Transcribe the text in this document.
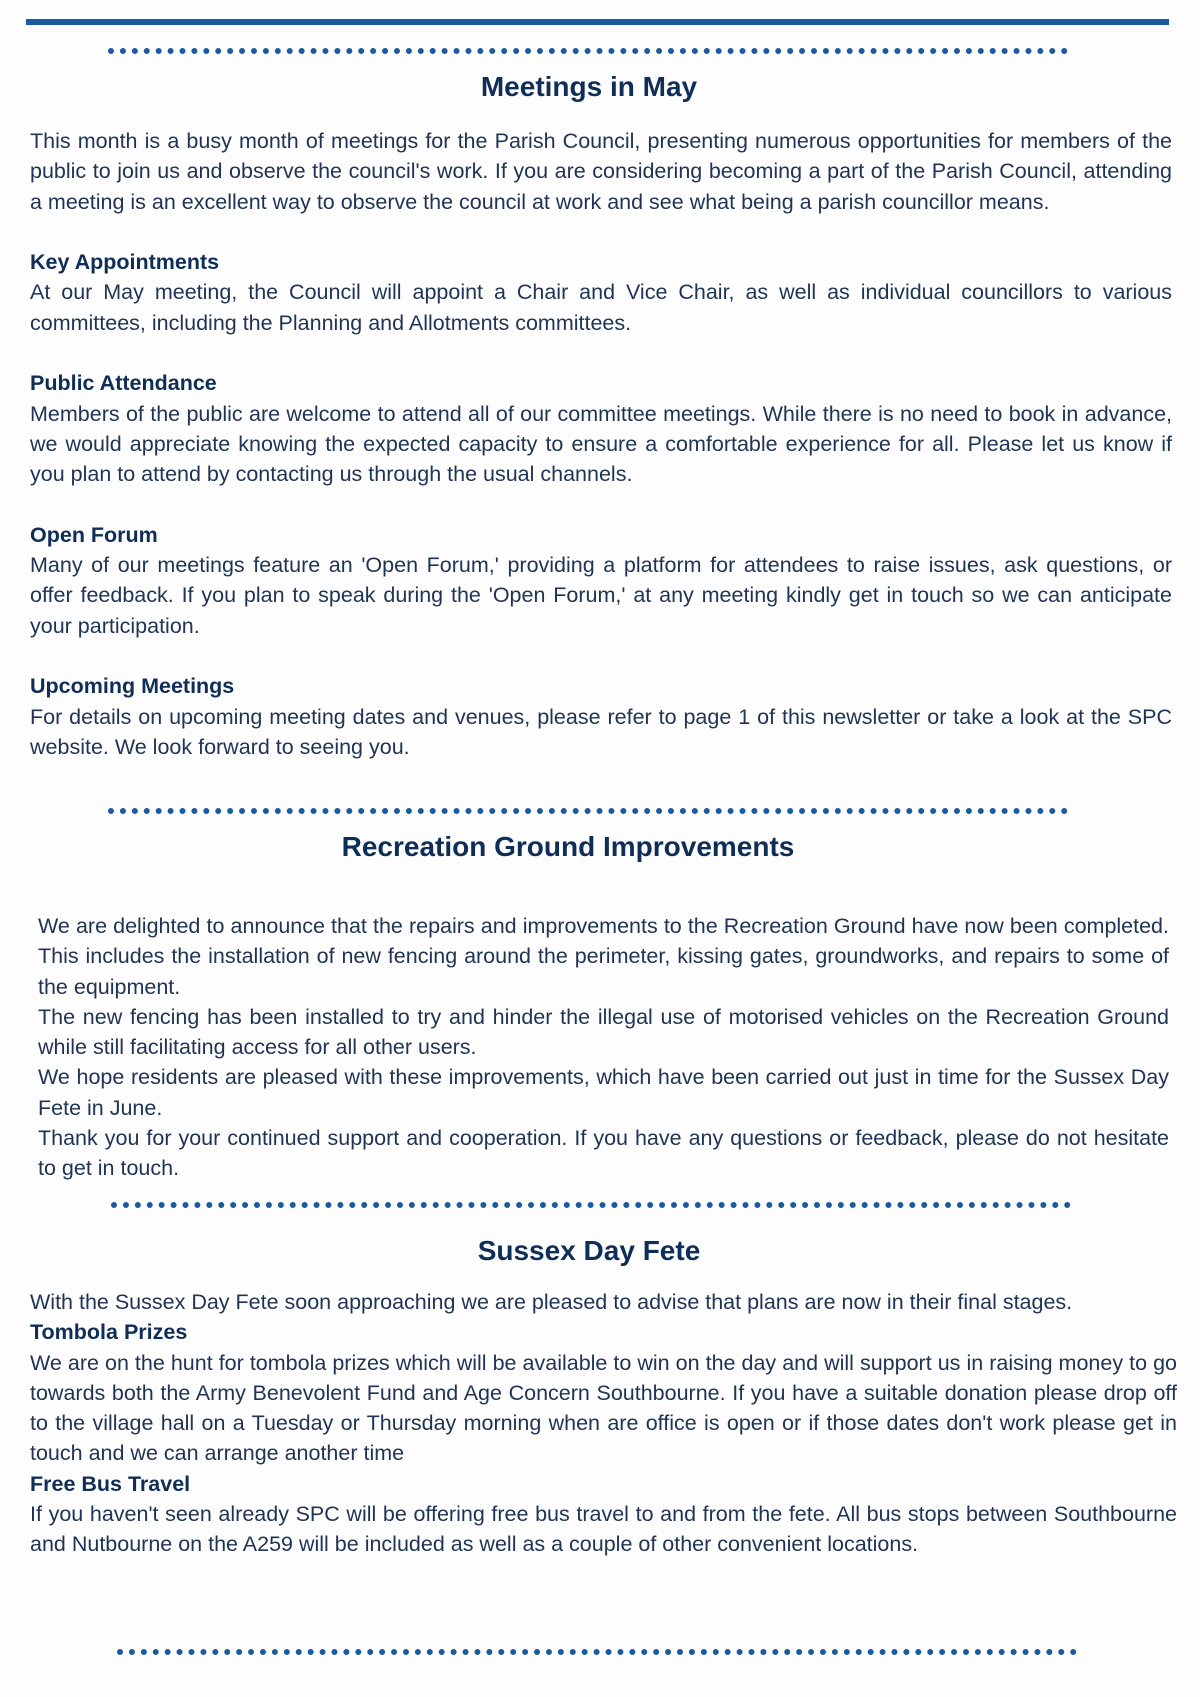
Meetings in May

This month is a busy month of meetings for the Parish Council, presenting numerous opportunities for members of the public to join us and observe the council's work. If you are considering becoming a part of the Parish Council, attending a meeting is an excellent way to observe the council at work and see what being a parish councillor means.

Key Appointments

At our May meeting, the Council will appoint a Chair and Vice Chair, as well as individual councillors to various committees, including the Planning and Allotments committees.

Public Attendance

Members of the public are welcome to attend all of our committee meetings. While there is no need to book in advance, we would appreciate knowing the expected capacity to ensure a comfortable experience for all. Please let us know if you plan to attend by contacting us through the usual channels.

Open Forum

Many of our meetings feature an 'Open Forum,' providing a platform for attendees to raise issues, ask questions, or offer feedback. If you plan to speak during the 'Open Forum,' at any meeting kindly get in touch so we can anticipate your participation.

Upcoming Meetings

For details on upcoming meeting dates and venues, please refer to page 1 of this newsletter or take a look at the SPC website. We look forward to seeing you.

Recreation Ground Improvements

We are delighted to announce that the repairs and improvements to the Recreation Ground have now been completed. This includes the installation of new fencing around the perimeter, kissing gates, groundworks, and repairs to some of the equipment.

The new fencing has been installed to try and hinder the illegal use of motorised vehicles on the Recreation Ground while still facilitating access for all other users.

We hope residents are pleased with these improvements, which have been carried out just in time for the Sussex Day Fete in June.

Thank you for your continued support and cooperation. If you have any questions or feedback, please do not hesitate to get in touch.

Sussex Day Fete

With the Sussex Day Fete soon approaching we are pleased to advise that plans are now in their final stages.

Tombola Prizes

We are on the hunt for tombola prizes which will be available to win on the day and will support us in raising money to go towards both the Army Benevolent Fund and Age Concern Southbourne. If you have a suitable donation please drop off to the village hall on a Tuesday or Thursday morning when are office is open or if those dates don't work please get in touch and we can arrange another time

Free Bus Travel

If you haven't seen already SPC will be offering free bus travel to and from the fete. All bus stops between Southbourne and Nutbourne on the A259 will be included as well as a couple of other convenient locations.
